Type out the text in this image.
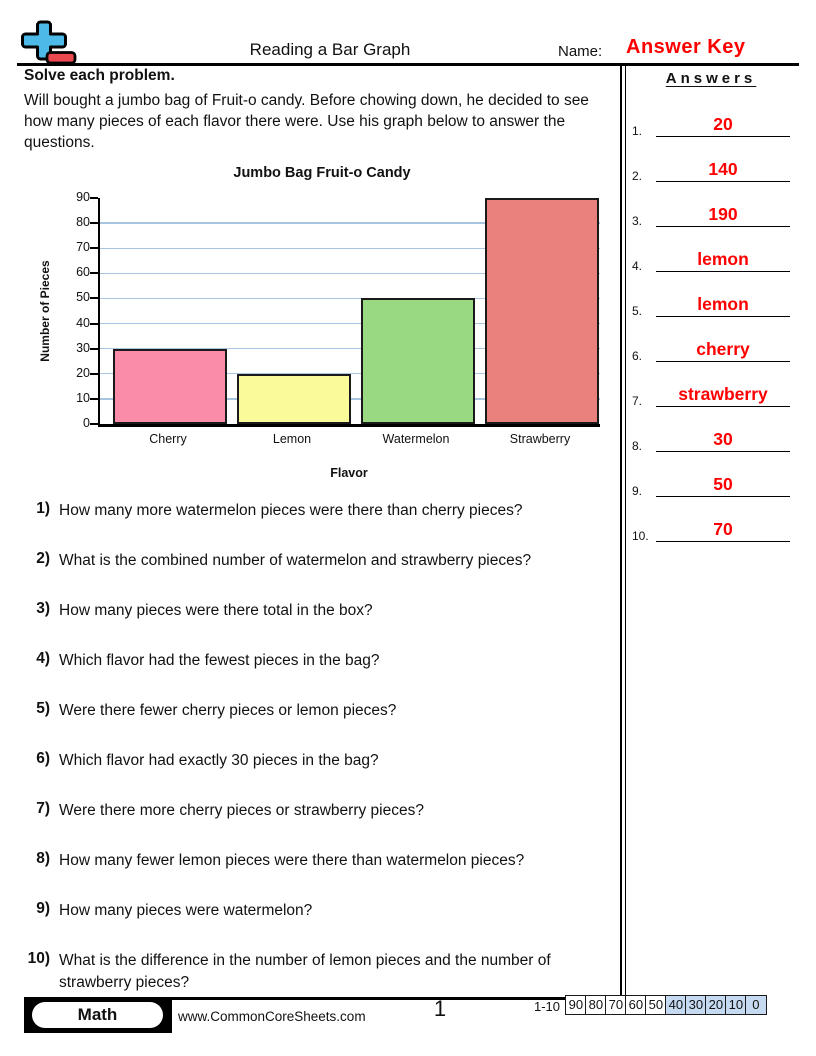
Reading a Bar Graph	Name: Answer Key
Solve each problem.
Will bought a jumbo bag of Fruit-o candy. Before chowing down, he decided to see how many pieces of each flavor there were. Use his graph below to answer the questions.
Jumbo Bag Fruit-o Candy
Number of Pieces
0
10
20
30
40
50
60
70
80
90
Cherry	Lemon	Watermelon	Strawberry
Flavor
1) How many more watermelon pieces were there than cherry pieces?
2) What is the combined number of watermelon and strawberry pieces?
3) How many pieces were there total in the box?
4) Which flavor had the fewest pieces in the bag?
5) Were there fewer cherry pieces or lemon pieces?
6) Which flavor had exactly 30 pieces in the bag?
7) Were there more cherry pieces or strawberry pieces?
8) How many fewer lemon pieces were there than watermelon pieces?
9) How many pieces were watermelon?
10) What is the difference in the number of lemon pieces and the number of strawberry pieces?
Answers
1.	20
2.	140
3.	190
4.	lemon
5.	lemon
6.	cherry
7.	strawberry
8.	30
9.	50
10.	70
Math	www.CommonCoreSheets.com	1	1-10 90 80 70 60 50 40 30 20 10 0
